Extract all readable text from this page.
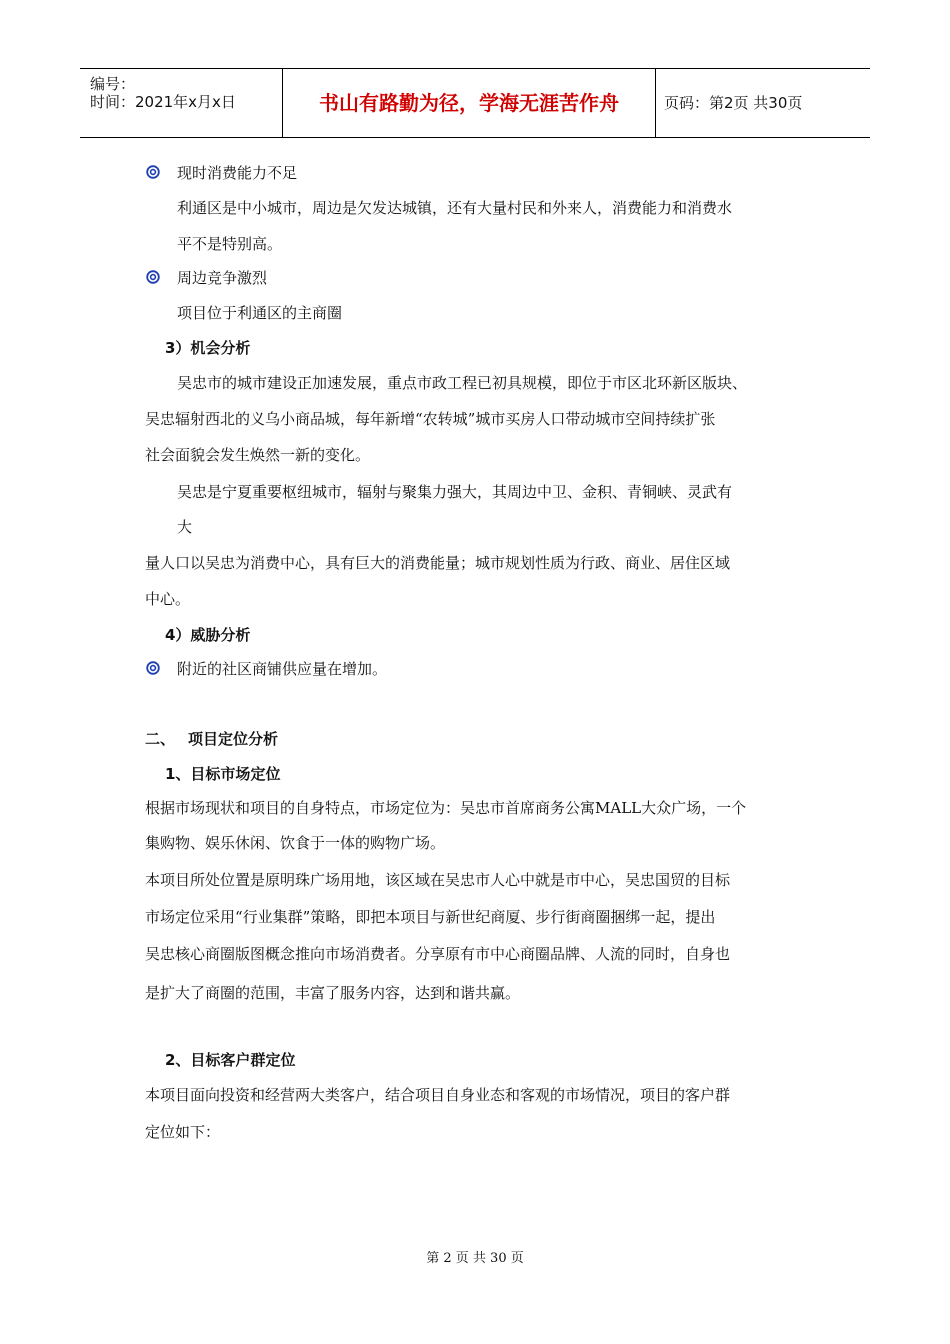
编号：
时间：2021年x月x日	书山有路勤为径，学海无涯苦作舟	页码：第2页 共30页
现时消费能力不足
利通区是中小城市，周边是欠发达城镇，还有大量村民和外来人，消费能力和消费水
平不是特别高。
周边竞争激烈
项目位于利通区的主商圈
3）机会分析
吴忠市的城市建设正加速发展，重点市政工程已初具规模，即位于市区北环新区版块、
吴忠辐射西北的义乌小商品城，每年新增“农转城”城市买房人口带动城市空间持续扩张
社会面貌会发生焕然一新的变化。
吴忠是宁夏重要枢纽城市，辐射与聚集力强大，其周边中卫、金积、青铜峡、灵武有
大
量人口以吴忠为消费中心，具有巨大的消费能量；城市规划性质为行政、商业、居住区域
中心。
4）威胁分析
附近的社区商铺供应量在增加。
二、 项目定位分析
1、目标市场定位
根据市场现状和项目的自身特点，市场定位为：吴忠市首席商务公寓MALL大众广场，一个
集购物、娱乐休闲、饮食于一体的购物广场。
本项目所处位置是原明珠广场用地，该区域在吴忠市人心中就是市中心，吴忠国贸的目标
市场定位采用“行业集群”策略，即把本项目与新世纪商厦、步行街商圈捆绑一起，提出
吴忠核心商圈版图概念推向市场消费者。分享原有市中心商圈品牌、人流的同时，自身也
是扩大了商圈的范围，丰富了服务内容，达到和谐共赢。
2、目标客户群定位
本项目面向投资和经营两大类客户，结合项目自身业态和客观的市场情况，项目的客户群
定位如下：
第 2 页 共 30 页
